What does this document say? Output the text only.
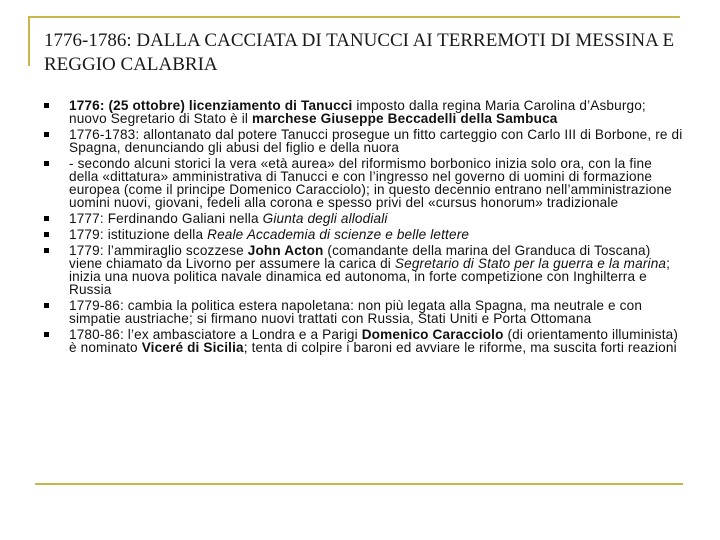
1776-1786: DALLA CACCIATA DI TANUCCI AI TERREMOTI DI MESSINA E REGGIO CALABRIA
1776: (25 ottobre) licenziamento di Tanucci imposto dalla regina Maria Carolina d’Asburgo; nuovo Segretario di Stato è il marchese Giuseppe Beccadelli della Sambuca
1776-1783: allontanato dal potere Tanucci prosegue un fitto carteggio con Carlo III di Borbone, re di Spagna, denunciando gli abusi del figlio e della nuora
- secondo alcuni storici la vera «età aurea» del riformismo borbonico inizia solo ora, con la fine della «dittatura» amministrativa di Tanucci e con l’ingresso nel governo di uomini di formazione europea (come il principe Domenico Caracciolo); in questo decennio entrano nell’amministrazione uomini nuovi, giovani, fedeli alla corona e spesso privi del «cursus honorum» tradizionale
1777: Ferdinando Galiani nella Giunta degli allodiali
1779: istituzione della Reale Accademia di scienze e belle lettere
1779: l’ammiraglio scozzese John Acton (comandante della marina del Granduca di Toscana) viene chiamato da Livorno per assumere la carica di Segretario di Stato per la guerra e la marina; inizia una nuova politica navale dinamica ed autonoma, in forte competizione con Inghilterra e Russia
1779-86: cambia la politica estera napoletana: non più legata alla Spagna, ma neutrale e con simpatie austriache; si firmano nuovi trattati con Russia, Stati Uniti e Porta Ottomana
1780-86: l’ex ambasciatore a Londra e a Parigi Domenico Caracciolo (di orientamento illuminista) è nominato Viceré di Sicilia; tenta di colpire i baroni ed avviare le riforme, ma suscita forti reazioni
